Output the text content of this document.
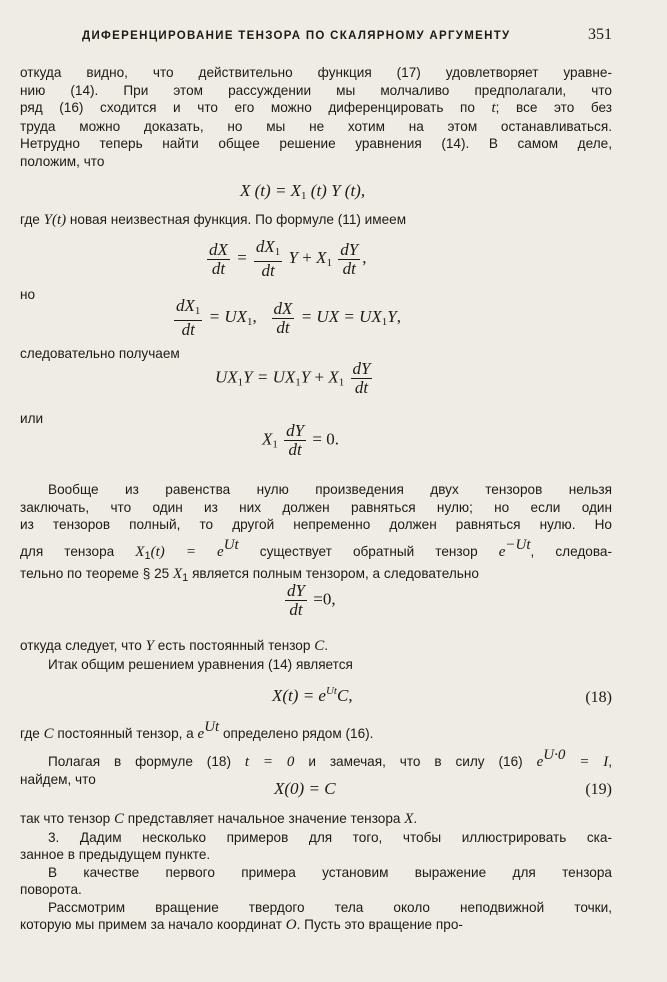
ДИФЕРЕНЦИРОВАНИЕ ТЕНЗОРА ПО СКАЛЯРНОМУ АРГУМЕНТУ	351
откуда видно, что действительно функция (17) удовлетворяет уравне-
нию (14). При этом рассуждении мы молчаливо предполагали, что
ряд (16) сходится и что его можно диференцировать по t; все это без
труда можно доказать, но мы не хотим на этом останавливаться.
Нетрудно теперь найти общее решение уравнения (14). В самом деле,
положим, что
X $(t) = X_1$ (t) Y (t),
где Y(t) новая неизвестная функция. По формуле (11) имеем
$\frac{dX}{dt} = \frac{dX_1}{dt}$ $Y + X_1 \frac{dY}{dt}$ ,
но
$\frac{dX_1}{dt} = UX_1$, $\frac{dX}{dt}$ = UX = $UX_1Y$,
следовательно получаем
$UX_1Y = UX_1Y + X_1 \frac{dY}{dt}$
или
$X_1 \frac{dY}{dt} = 0$.
Вообще из равенства нулю произведения двух тензоров нельзя
заключать, что один из них должен равняться нулю; но если один
из тензоров полный, то другой непременно должен равняться нулю. Но
для тензора $X_1(t) = e^{Ut}$ существует обратный тензор $e^{-Ut}$, следова-
тельно по теореме § 25 $X_1$ является полным тензором, а следовательно
$\frac{dY}{dt} =0$,
откуда следует, что Y есть постоянный тензор C.
Итак общим решением уравнения (14) является
$X(t) = e^{Ut}C$,	(18)
где C постоянный тензор, а $e^{Ut}$ определено рядом (16).
Полагая в формуле (18) t = 0 и замечая, что в силу (16) $e^{U\cdot 0} = I$,
найдем, что	X(0) = C	(19)
так что тензор C представляет начальное значение тензора X.
3. Дадим несколько примеров для того, чтобы иллюстрировать ска-
занное в предыдущем пункте.
В качестве первого примера установим выражение для тензора
поворота.
Рассмотрим вращение твердого тела около неподвижной точки,
которую мы примем за начало координат O. Пусть это вращение про-
